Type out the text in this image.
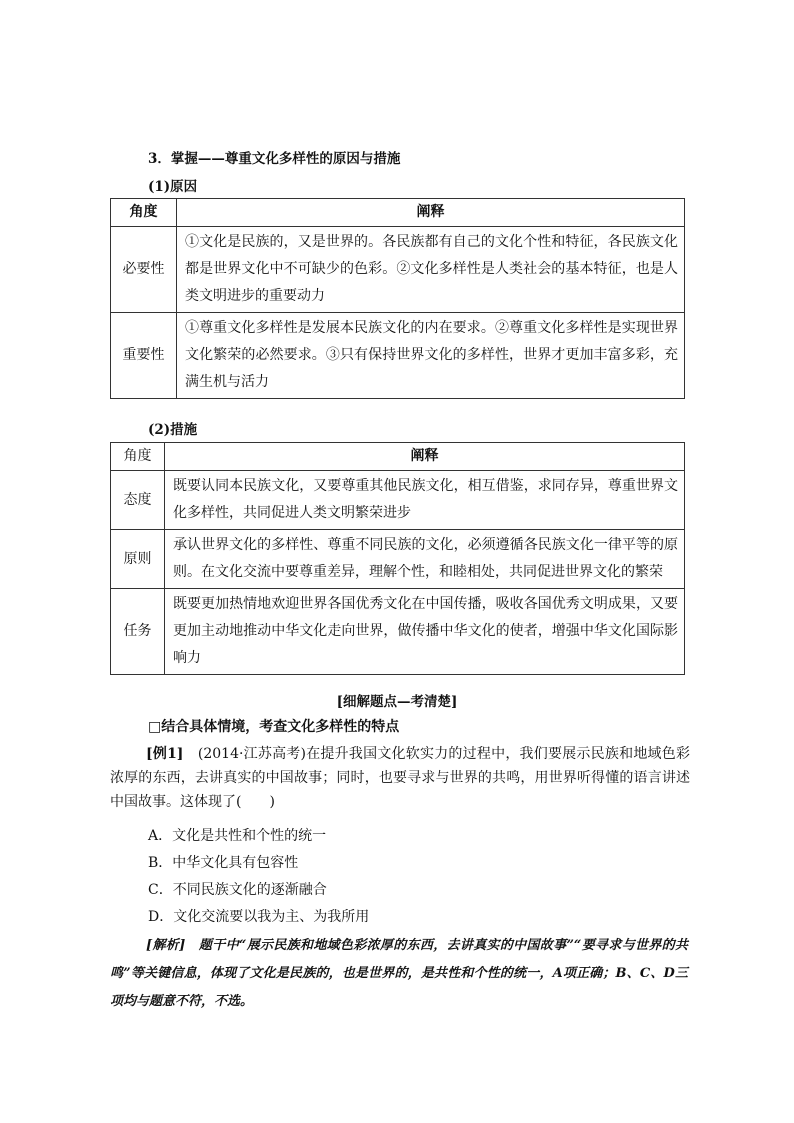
3．掌握——尊重文化多样性的原因与措施
(1)原因
角度	阐释
必要性	①文化是民族的，又是世界的。各民族都有自己的文化个性和特征，各民族文化都是世界文化中不可缺少的色彩。②文化多样性是人类社会的基本特征，也是人类文明进步的重要动力
重要性	①尊重文化多样性是发展本民族文化的内在要求。②尊重文化多样性是实现世界文化繁荣的必然要求。③只有保持世界文化的多样性，世界才更加丰富多彩，充满生机与活力
(2)措施
角度	阐释
态度	既要认同本民族文化，又要尊重其他民族文化，相互借鉴，求同存异，尊重世界文化多样性，共同促进人类文明繁荣进步
原则	承认世界文化的多样性、尊重不同民族的文化，必须遵循各民族文化一律平等的原则。在文化交流中要尊重差异，理解个性，和睦相处，共同促进世界文化的繁荣
任务	既要更加热情地欢迎世界各国优秀文化在中国传播，吸收各国优秀文明成果，又要更加主动地推动中华文化走向世界，做传播中华文化的使者，增强中华文化国际影响力
[细解题点—考清楚]
□结合具体情境，考查文化多样性的特点
[例1]　(2014·江苏高考)在提升我国文化软实力的过程中，我们要展示民族和地域色彩浓厚的东西，去讲真实的中国故事；同时，也要寻求与世界的共鸣，用世界听得懂的语言讲述中国故事。这体现了(　　)
A．文化是共性和个性的统一
B．中华文化具有包容性
C．不同民族文化的逐渐融合
D．文化交流要以我为主、为我所用
[解析]　题干中“展示民族和地域色彩浓厚的东西，去讲真实的中国故事”“要寻求与世界的共鸣”等关键信息，体现了文化是民族的，也是世界的，是共性和个性的统一，A项正确；B、C、D三项均与题意不符，不选。
